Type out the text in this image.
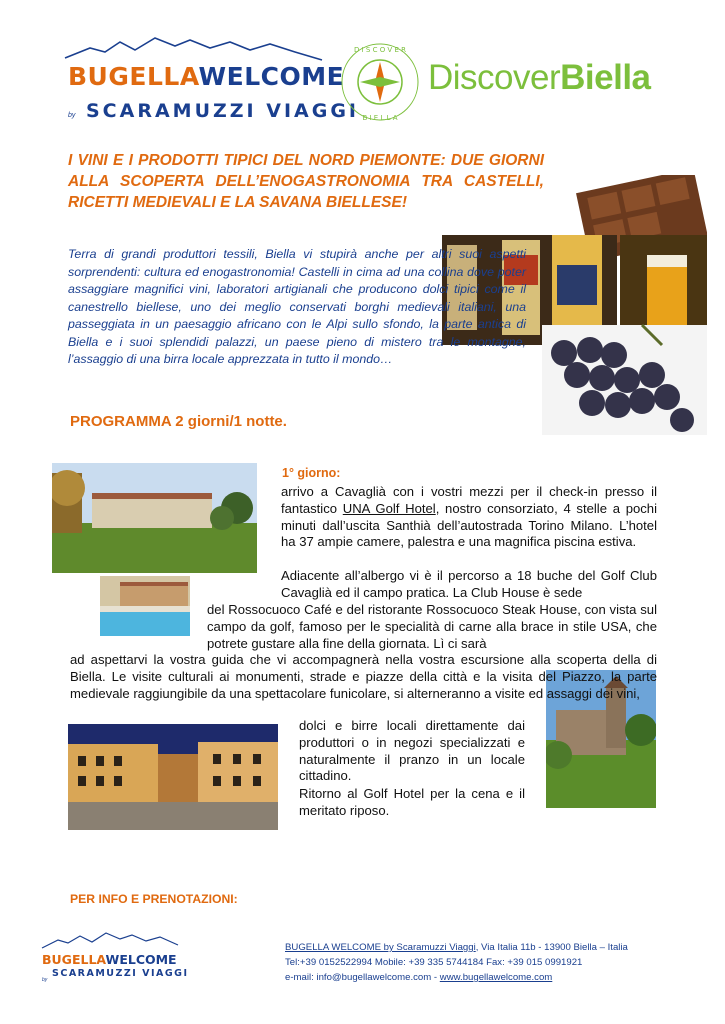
BUGELLAWELCOME
by SCARAMUZZI VIAGGI
D I S C O V E R
B I E L L A
DiscoverBiella
I VINI E I PRODOTTI TIPICI DEL NORD PIEMONTE: DUE GIORNI ALLA SCOPERTA DELL’ENOGASTRONOMIA TRA CASTELLI, RICETTI MEDIEVALI E LA SAVANA BIELLESE!

Terra di grandi produttori tessili, Biella vi stupirà anche per altri suoi aspetti sorprendenti: cultura ed enogastronomia! Castelli in cima ad una collina dove poter assaggiare magnifici vini, laboratori artigianali che producono dolci tipici come il canestrello biellese, uno dei meglio conservati borghi medievali italiani, una passeggiata in un paesaggio africano con le Alpi sullo sfondo, la parte antica di Biella e i suoi splendidi palazzi, un paese pieno di mistero tra le montagne, l’assaggio di una birra locale apprezzata in tutto il mondo…

PROGRAMMA 2 giorni/1 notte.
1° giorno:

arrivo a Cavaglià con i vostri mezzi per il check-in presso il fantastico UNA Golf Hotel, nostro consorziato, 4 stelle a pochi minuti dall’uscita Santhià dell’autostrada Torino Milano. L’hotel ha 37 ampie camere, palestra e una magnifica piscina estiva.

Adiacente all’albergo vi è il percorso a 18 buche del Golf Club Cavaglià ed il campo pratica. La Club House è sede

del Rossocuoco Café e del ristorante Rossocuoco Steak House, con vista sul campo da golf, famoso per le specialità di carne alla brace in stile USA, che potrete gustare alla fine della giornata. Lì ci sarà

ad aspettarvi la vostra guida che vi accompagnerà nella vostra escursione alla scoperta della di Biella. Le visite culturali ai monumenti, strade e piazze della città e la visita del Piazzo, la parte medievale raggiungibile da una spettacolare funicolare, si alterneranno a visite ed assaggi dei vini,

dolci e birre locali direttamente dai produttori o in negozi specializzati e naturalmente il pranzo in un locale cittadino.

Ritorno al Golf Hotel per la cena e il meritato riposo.

PER INFO E PRENOTAZIONI:
BUGELLAWELCOME
by
SCARAMUZZI VIAGGI
BUGELLA WELCOME by Scaramuzzi Viaggi, Via Italia 11b - 13900 Biella – Italia
Tel:+39 0152522994 Mobile: +39 335 5744184 Fax: +39 015 0991921
e-mail: info@bugellawelcome.com - www.bugellawelcome.com
